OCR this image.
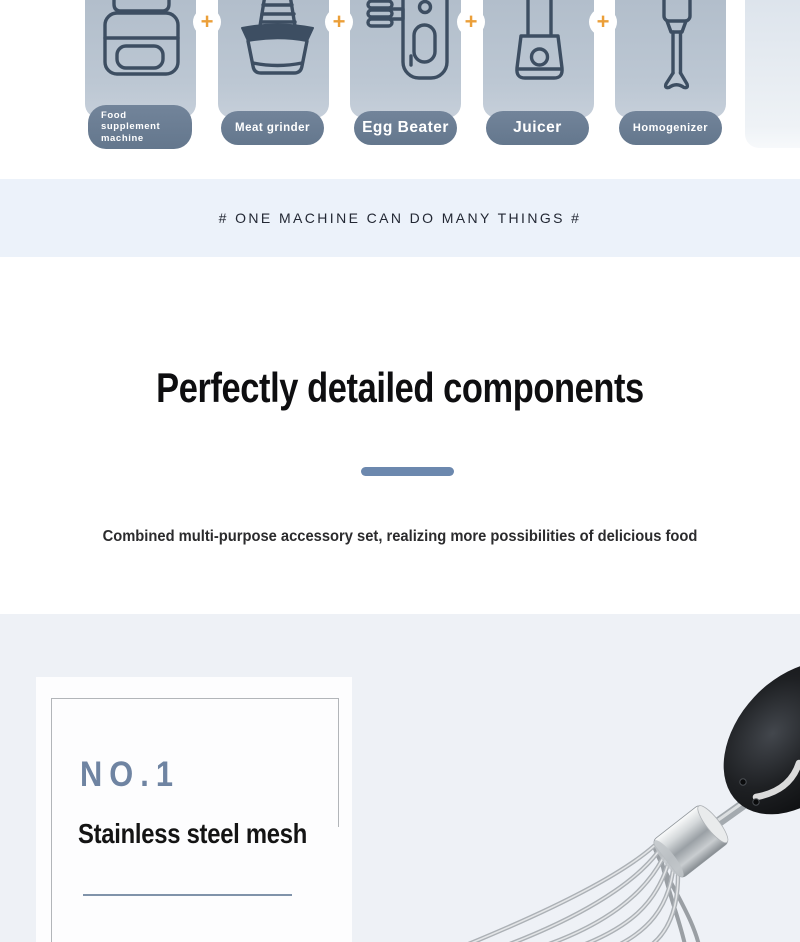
+	+	+	+
Food
supplement
machine
Meat grinder	Egg Beater	Juicer	Homogenizer
# ONE MACHINE CAN DO MANY THINGS #
Perfectly detailed components
Combined multi-purpose accessory set, realizing more possibilities of delicious food
NO.1
Stainless steel mesh
